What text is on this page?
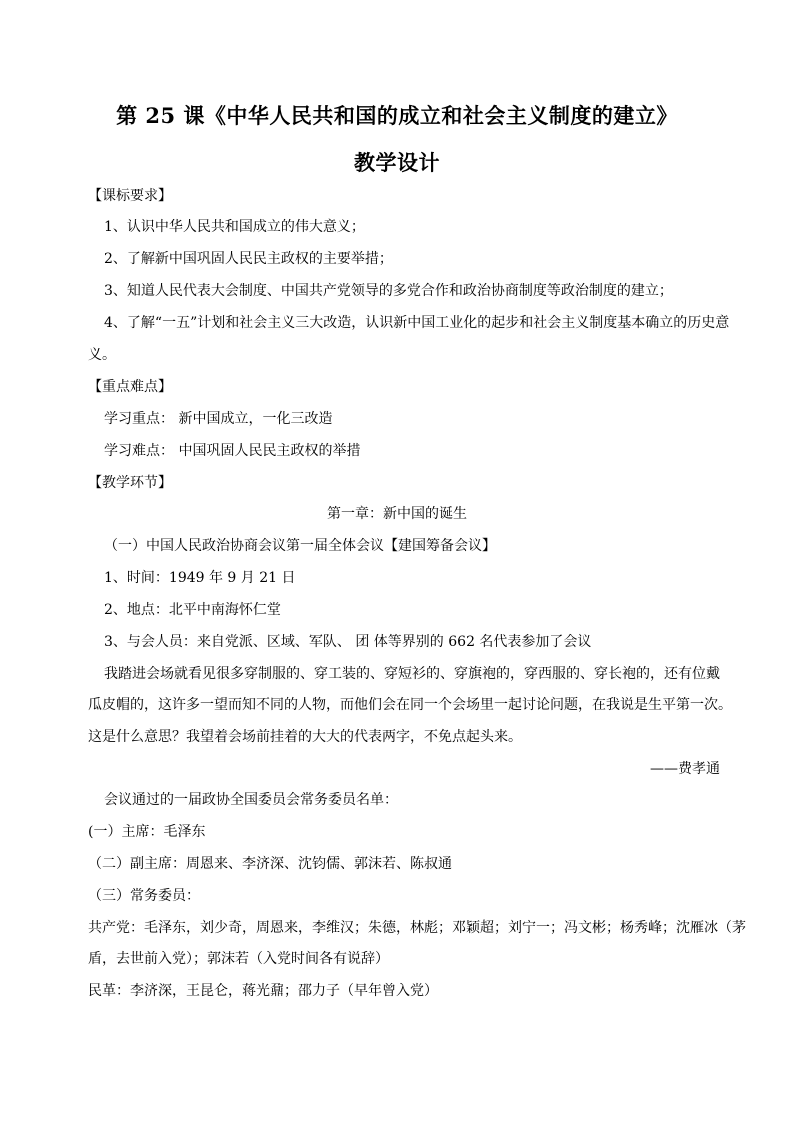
第 25 课《中华人民共和国的成立和社会主义制度的建立》
教学设计
【课标要求】
1、认识中华人民共和国成立的伟大意义；
2、了解新中国巩固人民民主政权的主要举措；
3、知道人民代表大会制度、中国共产党领导的多党合作和政治协商制度等政治制度的建立；
4、了解“一五”计划和社会主义三大改造，认识新中国工业化的起步和社会主义制度基本确立的历史意
义。
【重点难点】
学习重点： 新中国成立，一化三改造
学习难点： 中国巩固人民民主政权的举措
【教学环节】
第一章：新中国的诞生
（一）中国人民政治协商会议第一届全体会议【建国筹备会议】
1、时间：1949 年 9 月 21 日
2、地点：北平中南海怀仁堂
3、与会人员：来自党派、区域、军队、 团 体等界别的 662 名代表参加了会议
我踏进会场就看见很多穿制服的、穿工装的、穿短衫的、穿旗袍的，穿西服的、穿长袍的，还有位戴
瓜皮帽的，这许多一望而知不同的人物，而他们会在同一个会场里一起讨论问题，在我说是生平第一次。
这是什么意思？我望着会场前挂着的大大的代表两字，不免点起头来。
——费孝通
会议通过的一届政协全国委员会常务委员名单：
(一）主席：毛泽东
（二）副主席：周恩来、李济深、沈钧儒、郭沫若、陈叔通
（三）常务委员：
共产党：毛泽东，刘少奇，周恩来，李维汉；朱德，林彪；邓颖超；刘宁一；冯文彬；杨秀峰；沈雁冰（茅
盾，去世前入党）；郭沫若（入党时间各有说辞）
民革：李济深，王昆仑，蒋光鼐；邵力子（早年曾入党）
